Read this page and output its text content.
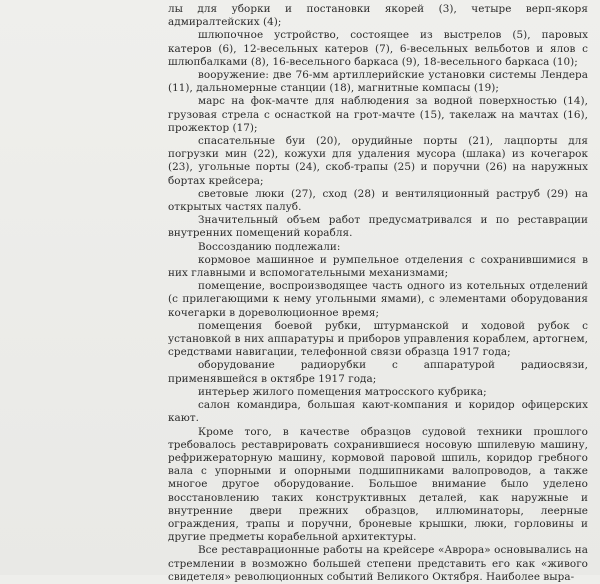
лы для уборки и постановки якорей (3), четыре верп-якоря адмиралтейских (4);

шлюпочное устройство, состоящее из выстрелов (5), паровых катеров (6), 12-весельных катеров (7), 6-весельных вельботов и ялов с шлюпбалками (8), 16-весельного баркаса (9), 18-весельного баркаса (10);

вооружение: две 76-мм артиллерийские установки системы Лендера (11), дальномерные станции (18), магнитные компасы (19);

марс на фок-мачте для наблюдения за водной поверхностью (14), грузовая стрела с оснасткой на грот-мачте (15), такелаж на мачтах (16), прожектор (17);

спасательные буи (20), орудийные порты (21), лацпорты для погрузки мин (22), кожухи для удаления мусора (шлака) из кочегарок (23), угольные порты (24), скоб-трапы (25) и поручни (26) на наружных бортах крейсера;

световые люки (27), сход (28) и вентиляционный раструб (29) на открытых частях палуб.

Значительный объем работ предусматривался и по реставрации внутренних помещений корабля.

Воссозданию подлежали:

кормовое машинное и румпельное отделения с сохранившимися в них главными и вспомогательными механизмами;

помещение, воспроизводящее часть одного из котельных отделений (с прилегающими к нему угольными ямами), с элементами оборудования кочегарки в дореволюционное время;

помещения боевой рубки, штурманской и ходовой рубок с установкой в них аппаратуры и приборов управления кораблем, артогнем, средствами навигации, телефонной связи образца 1917 года;

оборудование радиорубки с аппаратурой радиосвязи, применявшейся в октябре 1917 года;

интерьер жилого помещения матросского кубрика;

салон командира, большая кают-компания и коридор офицерских кают.

Кроме того, в качестве образцов судовой техники прошлого требовалось реставрировать сохранившиеся носовую шпилевую машину, рефрижераторную машину, кормовой паровой шпиль, коридор гребного вала с упорными и опорными подшипниками валопроводов, а также многое другое оборудование. Большое внимание было уделено восстановлению таких конструктивных деталей, как наружные и внутренние двери прежних образцов, иллюминаторы, леерные ограждения, трапы и поручни, броневые крышки, люки, горловины и другие предметы корабельной архитектуры.

Все реставрационные работы на крейсере «Аврора» основывались на стремлении в возможно большей степени представить его как «живого свидетеля» революционных событий Великого Октября. Наиболее выра-
